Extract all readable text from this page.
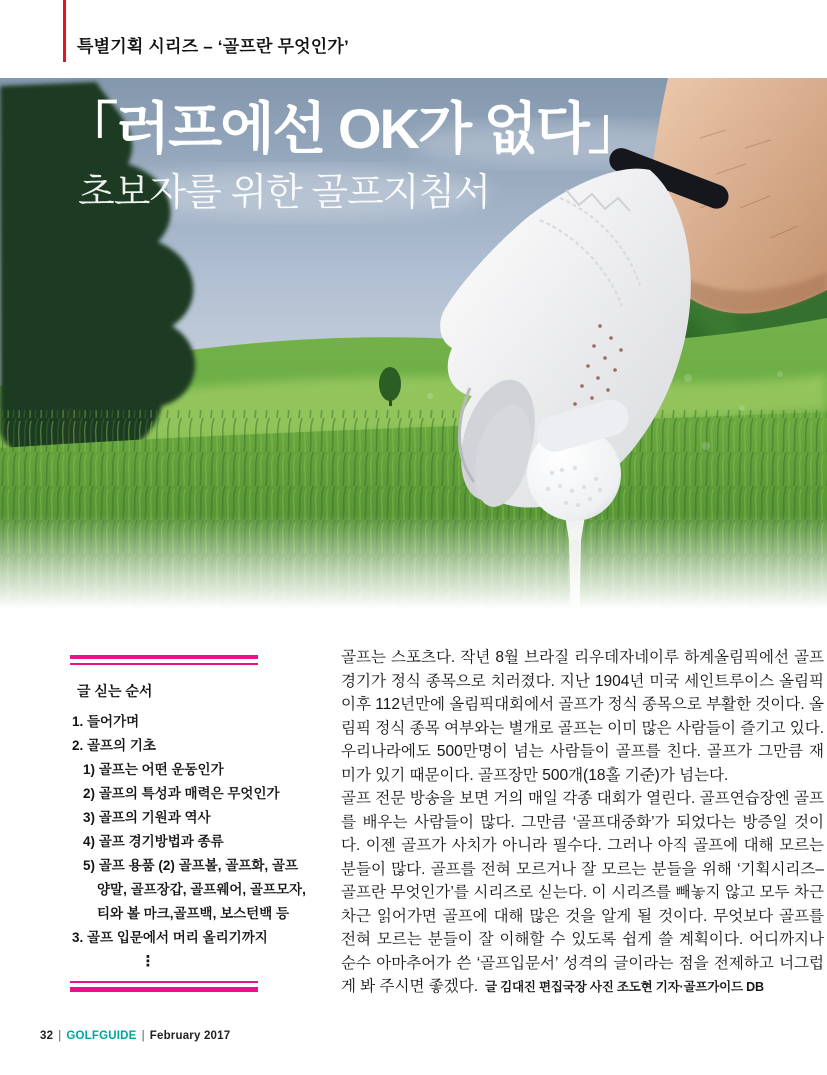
특별기획 시리즈 – ‘골프란 무엇인가’
「러프에선 OK가 없다」
초보자를 위한 골프지침서
글 싣는 순서
1. 들어가며
2. 골프의 기초
1) 골프는 어떤 운동인가
2) 골프의 특성과 매력은 무엇인가
3) 골프의 기원과 역사
4) 골프 경기방법과 종류
5) 골프 용품 (2) 골프볼, 골프화, 골프
양말, 골프장갑, 골프웨어, 골프모자,
티와 볼 마크,골프백, 보스턴백 등
3. 골프 입문에서 머리 올리기까지
⋮

골프는 스포츠다. 작년 8월 브라질 리우데자네이루 하계올림픽에선 골프 경기가 정식 종목으로 치러졌다. 지난 1904년 미국 세인트루이스 올림픽 이후 112년만에 올림픽대회에서 골프가 정식 종목으로 부활한 것이다. 올림픽 정식 종목 여부와는 별개로 골프는 이미 많은 사람들이 즐기고 있다. 우리나라에도 500만명이 넘는 사람들이 골프를 친다. 골프가 그만큼 재미가 있기 때문이다. 골프장만 500개(18홀 기준)가 넘는다.

골프 전문 방송을 보면 거의 매일 각종 대회가 열린다. 골프연습장엔 골프를 배우는 사람들이 많다. 그만큼 ‘골프대중화’가 되었다는 방증일 것이다. 이젠 골프가 사치가 아니라 필수다. 그러나 아직 골프에 대해 모르는 분들이 많다. 골프를 전혀 모르거나 잘 모르는 분들을 위해 ‘기획시리즈–골프란 무엇인가’를 시리즈로 싣는다. 이 시리즈를 빼놓지 않고 모두 차근차근 읽어가면 골프에 대해 많은 것을 알게 될 것이다. 무엇보다 골프를 전혀 모르는 분들이 잘 이해할 수 있도록 쉽게 쓸 계획이다. 어디까지나 순수 아마추어가 쓴 ‘골프입문서’ 성격의 글이라는 점을 전제하고 너그럽게 봐 주시면 좋겠다. 글 김대진 편집국장 사진 조도현 기자·골프가이드 DB

32 | GOLFGUIDE | February 2017
